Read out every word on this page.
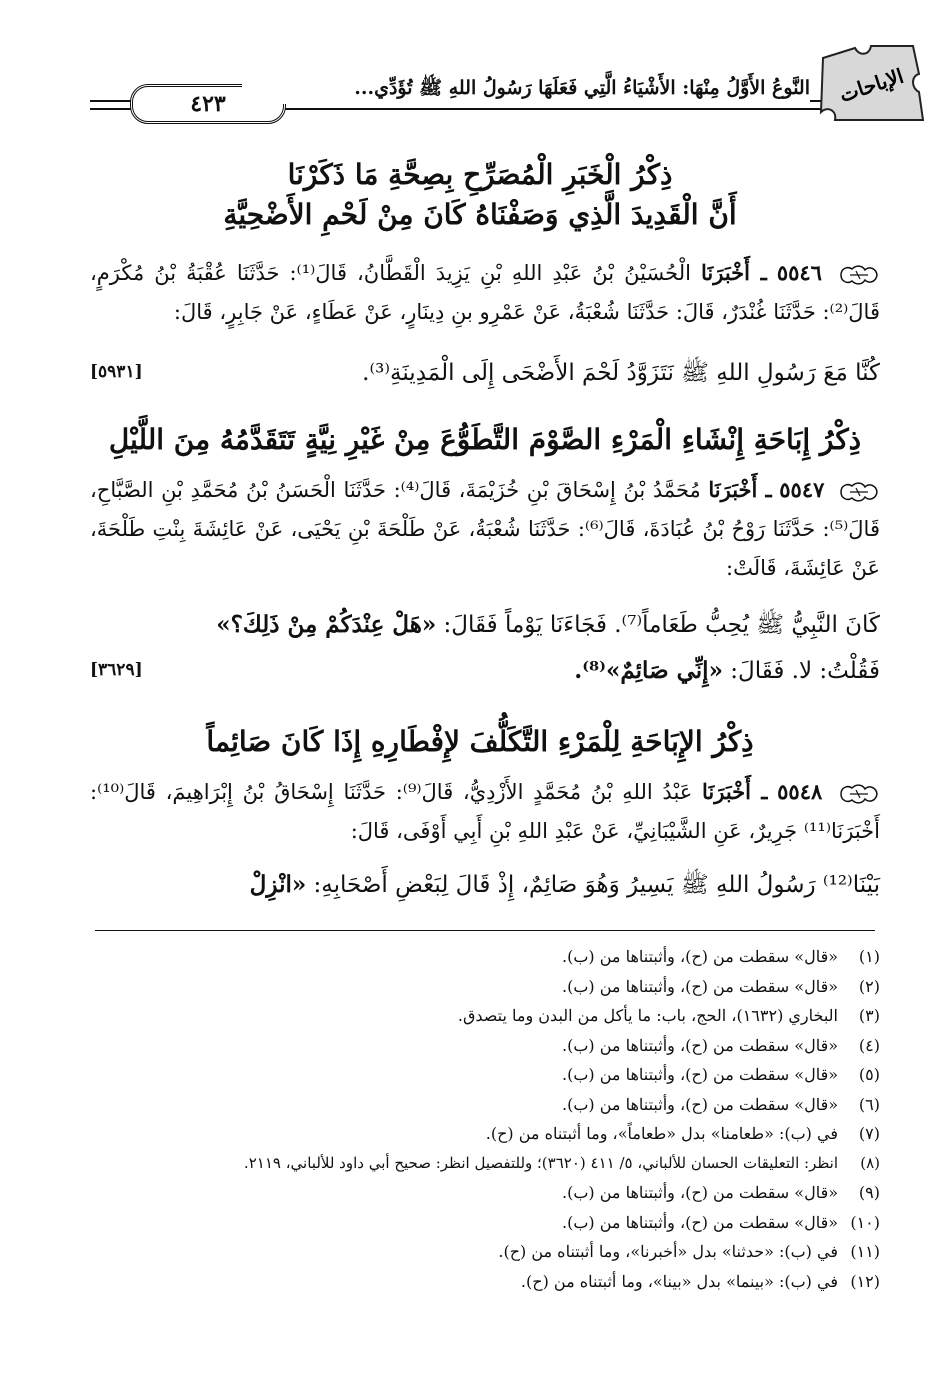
٤٢٣
النَّوعُ الأَوَّلُ مِنْهَا: الأَشْيَاءُ الَّتِي فَعَلَهَا رَسُولُ اللهِ ﷺ تُؤَدِّي... الإباحات
ذِكْرُ الْخَبَرِ الْمُصَرِّحِ بِصِحَّةِ مَا ذَكَرْنَا
أَنَّ الْقَدِيدَ الَّذِي وَصَفْنَاهُ كَانَ مِنْ لَحْمِ الأَضْحِيَّةِ
٥٥٤٦ ـ أَخْبَرَنَا الْحُسَيْنُ بْنُ عَبْدِ اللهِ بْنِ يَزِيدَ الْقَطَّانُ، قَالَ⁽¹⁾: حَدَّثَنَا عُقْبَةُ بْنُ مُكْرَمٍ، قَالَ⁽²⁾: حَدَّثَنَا غُنْدَرٌ، قَالَ: حَدَّثَنَا شُعْبَةُ، عَنْ عَمْرِو بنِ دِينَارٍ، عَنْ عَطَاءٍ، عَنْ جَابِرٍ، قَالَ:
كُنَّا مَعَ رَسُولِ اللهِ ﷺ نَتَزَوَّدُ لَحْمَ الأَضْحَى إِلَى الْمَدِينَةِ⁽³⁾.
[٥٩٣١]
ذِكْرُ إِبَاحَةِ إِنْشَاءِ الْمَرْءِ الصَّوْمَ التَّطَوُّعَ مِنْ غَيْرِ نِيَّةٍ تَتَقَدَّمُهُ مِنَ اللَّيْلِ
٥٥٤٧ ـ أَخْبَرَنَا مُحَمَّدُ بْنُ إِسْحَاقَ بْنِ خُزَيْمَةَ، قَالَ⁽⁴⁾: حَدَّثَنَا الْحَسَنُ بْنُ مُحَمَّدِ بْنِ الصَّبَّاحِ، قَالَ⁽⁵⁾: حَدَّثَنَا رَوْحُ بْنُ عُبَادَةَ، قَالَ⁽⁶⁾: حَدَّثَنَا شُعْبَةُ، عَنْ طَلْحَةَ بْنِ يَحْيَى، عَنْ عَائِشَةَ بِنْتِ طَلْحَةَ، عَنْ عَائِشَةَ، قَالَتْ:
كَانَ النَّبِيُّ ﷺ يُحِبُّ طَعَاماً⁽⁷⁾. فَجَاءَنَا يَوْماً فَقَالَ: «هَلْ عِنْدَكُمْ مِنْ ذَلِكَ؟»
فَقُلْتُ: لا. فَقَالَ: «إِنِّي صَائِمٌ»⁽⁸⁾.
[٣٦٢٩]
ذِكْرُ الإِبَاحَةِ لِلْمَرْءِ التَّكَلُّفَ لإِفْطَارِهِ إِذَا كَانَ صَائِماً
٥٥٤٨ ـ أَخْبَرَنَا عَبْدُ اللهِ بْنُ مُحَمَّدٍ الأَزْدِيُّ، قَالَ⁽⁹⁾: حَدَّثَنَا إِسْحَاقُ بْنُ إِبْرَاهِيمَ، قَالَ⁽¹⁰⁾: أَخْبَرَنَا⁽¹¹⁾ جَرِيرٌ، عَنِ الشَّيْبَانِيِّ، عَنْ عَبْدِ اللهِ بْنِ أَبِي أَوْفَى، قَالَ:
بَيْنَا⁽¹²⁾ رَسُولُ اللهِ ﷺ يَسِيرُ وَهُوَ صَائِمٌ، إِذْ قَالَ لِبَعْضِ أَصْحَابِهِ: «انْزِلْ
(١)«قال» سقطت من (ح)، وأثبتناها من (ب).
(٢)«قال» سقطت من (ح)، وأثبتناها من (ب).
(٣)البخاري (١٦٣٢)، الحج، باب: ما يأكل من البدن وما يتصدق.
(٤)«قال» سقطت من (ح)، وأثبتناها من (ب).
(٥)«قال» سقطت من (ح)، وأثبتناها من (ب).
(٦)«قال» سقطت من (ح)، وأثبتناها من (ب).
(٧)في (ب): «طعامنا» بدل «طعاماً»، وما أثبتناه من (ح).
(٨)انظر: التعليقات الحسان للألباني، ٥/ ٤١١ (٣٦٢٠)؛ وللتفصيل انظر: صحيح أبي داود للألباني، ٢١١٩.
(٩)«قال» سقطت من (ح)، وأثبتناها من (ب).
(١٠)«قال» سقطت من (ح)، وأثبتناها من (ب).
(١١)في (ب): «حدثنا» بدل «أخبرنا»، وما أثبتناه من (ح).
(١٢)في (ب): «بينما» بدل «بينا»، وما أثبتناه من (ح).
